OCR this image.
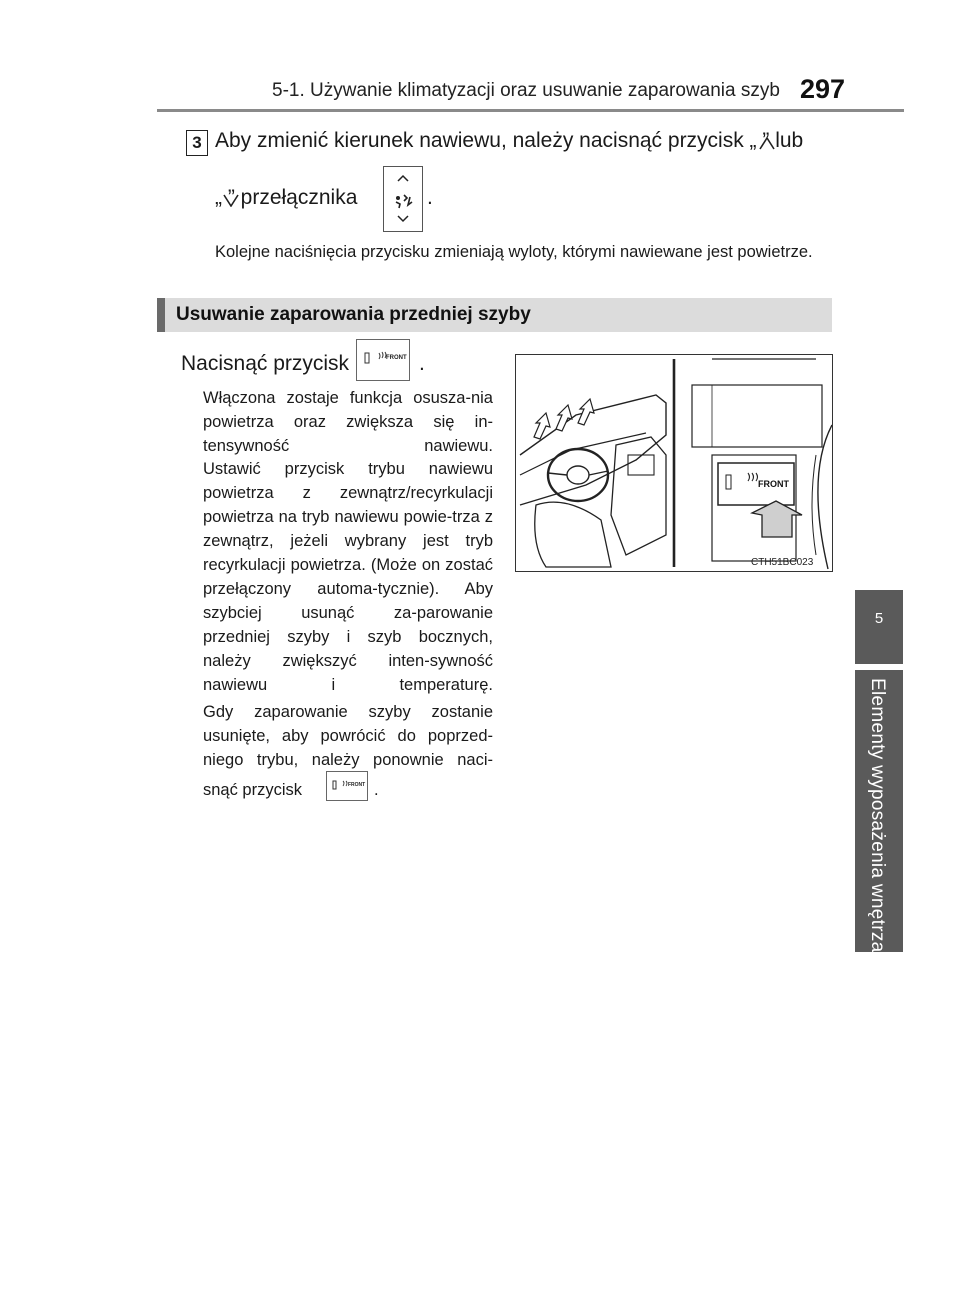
5-1. Używanie klimatyzacji oraz usuwanie zaparowania szyb 297
5
Elementy wyposażenia wnętrza
3 Aby zmienić kierunek nawiewu, należy nacisnąć przycisk „ ” lub
„ ” przełącznika	.
Kolejne naciśnięcia przycisku zmieniają wyloty, którymi nawiewane jest powietrze.
Usuwanie zaparowania przedniej szyby
Nacisnąć przycisk	FRONT .
Włączona zostaje funkcja osusza-nia powietrza oraz zwiększa się in-tensywność nawiewu.
Ustawić przycisk trybu nawiewu powietrza z zewnątrz/recyrkulacji powietrza na tryb nawiewu powie-trza z zewnątrz, jeżeli wybrany jest tryb recyrkulacji powietrza. (Może on zostać przełączony automa-tycznie). Aby szybciej usunąć za-parowanie przedniej szyby i szyb bocznych, należy zwiększyć inten-sywność nawiewu i temperaturę.
Gdy zaparowanie szyby zostanie usunięte, aby powrócić do poprzed-niego trybu, należy ponownie naci-
snąć przycisk	FRONT .
FRONT
CTH51BC023
